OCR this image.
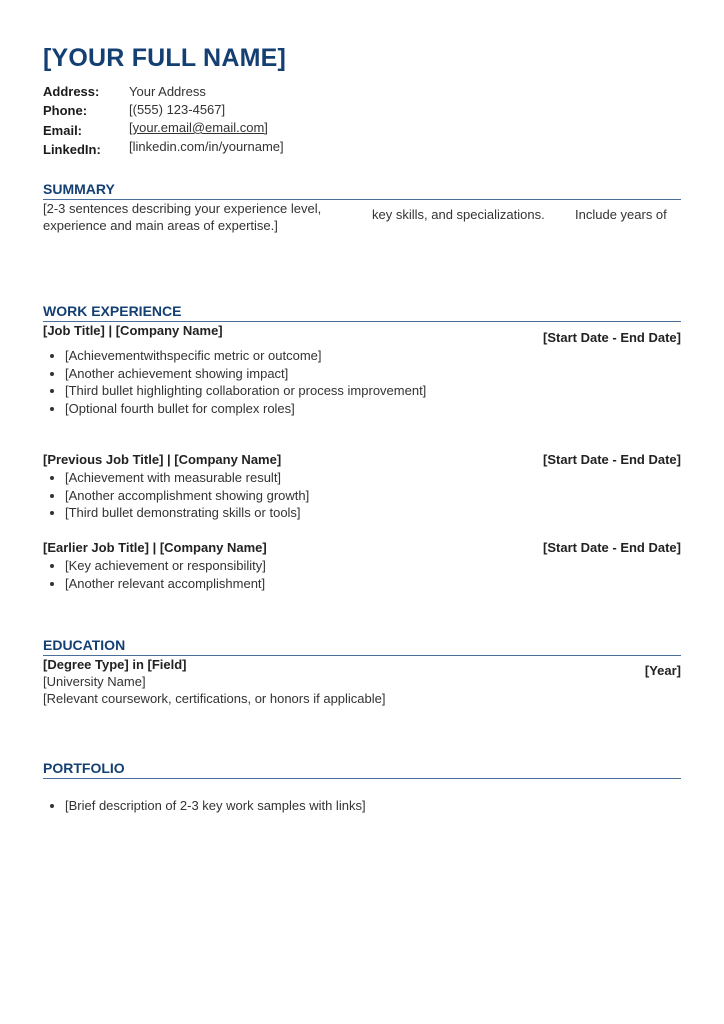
[YOUR FULL NAME]
Address: Your Address
Phone:	[(555) 123-4567]
Email:	[your.email@email.com]
LinkedIn: [linkedin.com/in/yourname]
SUMMARY
[2-3 sentences describing your experience level,	key skills, and specializations. Include years of
experience and main areas of expertise.]
WORK EXPERIENCE
[Job Title] | [Company Name]	[Start Date - End Date]
• [Achievementwithspecific metric or outcome]
• [Another achievement showing impact]
• [Third bullet highlighting collaboration or process improvement]
• [Optional fourth bullet for complex roles]
[Previous Job Title] | [Company Name]	[Start Date - End Date]
• [Achievement with measurable result]
• [Another accomplishment showing growth]
• [Third bullet demonstrating skills or tools]
[Earlier Job Title] | [Company Name]	[Start Date - End Date]
• [Key achievement or responsibility]
• [Another relevant accomplishment]
EDUCATION
[Degree Type] in [Field]	[Year]
[University Name]
[Relevant coursework, certifications, or honors if applicable]
PORTFOLIO
• [Brief description of 2-3 key work samples with links]
